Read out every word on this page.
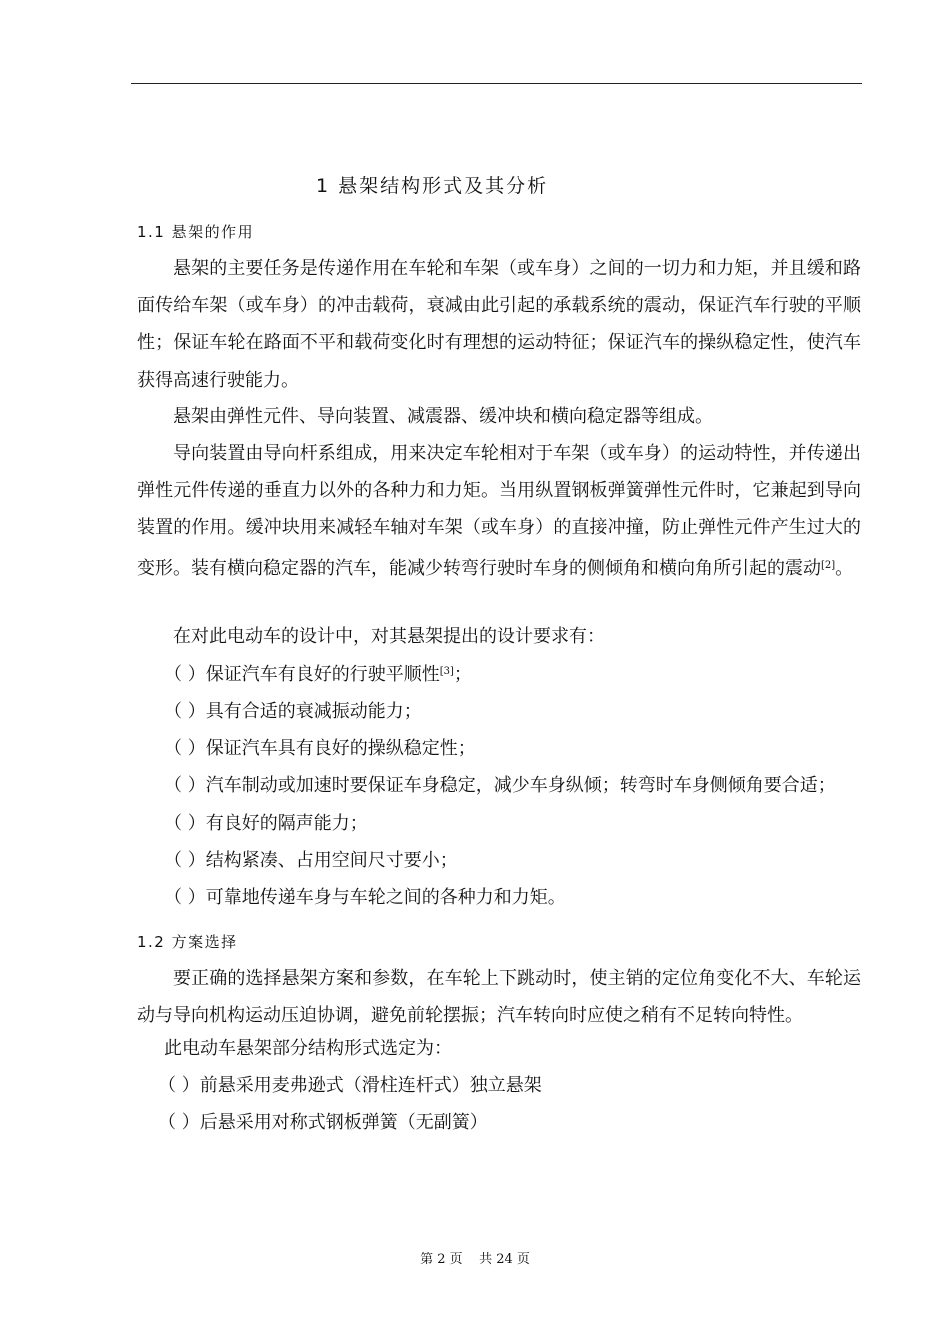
1 悬架结构形式及其分析
1.1 悬架的作用

悬架的主要任务是传递作用在车轮和车架（或车身）之间的一切力和力矩，并且缓和路面传给车架（或车身）的冲击载荷，衰减由此引起的承载系统的震动，保证汽车行驶的平顺性；保证车轮在路面不平和载荷变化时有理想的运动特征；保证汽车的操纵稳定性，使汽车获得高速行驶能力。

悬架由弹性元件、导向装置、减震器、缓冲块和横向稳定器等组成。

导向装置由导向杆系组成，用来决定车轮相对于车架（或车身）的运动特性，并传递出弹性元件传递的垂直力以外的各种力和力矩。当用纵置钢板弹簧弹性元件时，它兼起到导向装置的作用。缓冲块用来减轻车轴对车架（或车身）的直接冲撞，防止弹性元件产生过大的变形。装有横向稳定器的汽车，能减少转弯行驶时车身的侧倾角和横向角所引起的震动[2]。

在对此电动车的设计中，对其悬架提出的设计要求有：

（ ）保证汽车有良好的行驶平顺性[3]；

（ ）具有合适的衰减振动能力；

（ ）保证汽车具有良好的操纵稳定性；

（ ）汽车制动或加速时要保证车身稳定，减少车身纵倾；转弯时车身侧倾角要合适；

（ ）有良好的隔声能力；

（ ）结构紧凑、占用空间尺寸要小；

（ ）可靠地传递车身与车轮之间的各种力和力矩。

1.2 方案选择

要正确的选择悬架方案和参数，在车轮上下跳动时，使主销的定位角变化不大、车轮运动与导向机构运动压迫协调，避免前轮摆振；汽车转向时应使之稍有不足转向特性。

此电动车悬架部分结构形式选定为：

（ ）前悬采用麦弗逊式（滑柱连杆式）独立悬架

（ ）后悬采用对称式钢板弹簧（无副簧）

第 2 页    共 24 页
